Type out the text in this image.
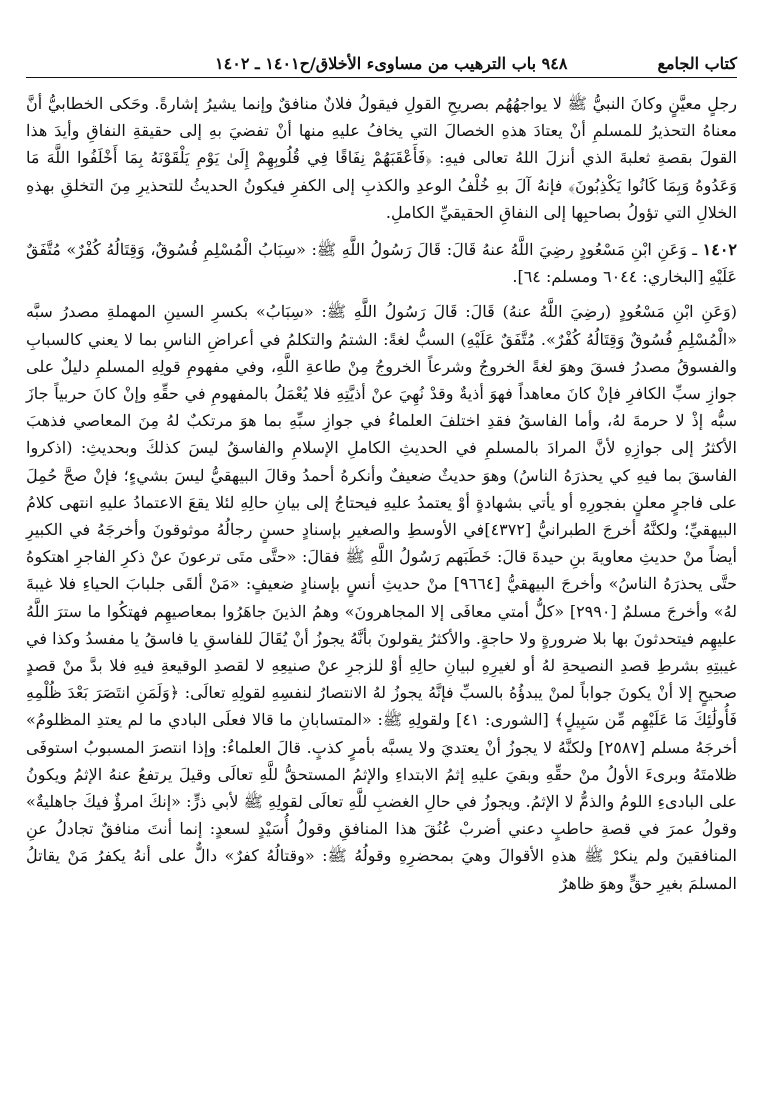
كتاب الجامع
٩٤٨ باب الترهيب من مساوىء الأخلاق/ح١٤٠١ ـ ١٤٠٢

رجلٍ معيَّنٍ وكانَ النبيُّ ﷺ لا يواجهُهُم بصريحِ القولِ فيقولُ فلانٌ منافقٌ وإنما يشيرُ إشارةً. وحَكى الخطابيُّ أنَّ معناهُ التحذيرُ للمسلمِ أنْ يعتادَ هذهِ الخصالَ التي يخافُ عليهِ منها أنْ تفضيَ بهِ إلى حقيقةِ النفاقِ وأيدَ هذا القولَ بقصةِ ثعلبةَ الذي أنزلَ اللهُ تعالى فيهِ: ﴿فَأَعْقَبَهُمْ نِفَاقًا فِي قُلُوبِهِمْ إِلَىٰ يَوْمِ يَلْقَوْنَهُ بِمَا أَخْلَفُوا اللَّهَ مَا وَعَدُوهُ وَبِمَا كَانُوا يَكْذِبُونَ﴾ فإنهُ آلَ بهِ خُلْفُ الوعدِ والكذبِ إلى الكفرِ فيكونُ الحديثُ للتحذيرِ مِنَ التخلقِ بهذهِ الخلالِ التي تؤولُ بصاحبِها إلى النفاقِ الحقيقيِّ الكاملِ.

١٤٠٢ ـ وَعَنِ ابْنِ مَسْعُودٍ رضِيَ اللَّهُ عنهُ قَالَ: قَالَ رَسُولُ اللَّهِ ﷺ: «سِبَابُ الْمُسْلِمِ فُسُوقٌ، وَقِتَالُهُ كُفْرٌ» مُتَّفَقٌ عَلَيْهِ [البخاري: ٦٠٤٤ ومسلم: ٦٤].

(وَعَنِ ابْنِ مَسْعُودٍ (رضِيَ اللَّهُ عنهُ) قَالَ: قَالَ رَسُولُ اللَّهِ ﷺ: «سِبَابُ» بكسرِ السينِ المهملةِ مصدرُ سبَّه «الْمُسْلِمِ فُسُوقٌ وَقِتَالُهُ كُفْرٌ». مُتَّفَقٌ عَلَيْهِ) السبُّ لغةً: الشتمُ والتكلمُ في أعراضِ الناسِ بما لا يعني كالسبابِ والفسوقُ مصدرُ فسقَ وهوَ لغةً الخروجُ وشرعاً الخروجُ مِنْ طاعةِ اللَّهِ، وفي مفهومِ قولِهِ المسلمِ دليلٌ على جوازِ سبِّ الكافرِ فإنْ كانَ معاهداً فهوَ أذيةٌ وقدْ نُهِيَ عنْ أذيَّتِهِ فلا يُعْمَلُ بالمفهومِ في حقِّهِ وإنْ كانَ حربياً جازَ سبُّه إذْ لا حرمةَ لهُ، وأما الفاسقُ فقدِ اختلفَ العلماءُ في جوازِ سبِّهِ بما هوَ مرتكبٌ لهُ مِنَ المعاصي فذهبَ الأكثرُ إلى جوازِهِ لأنَّ المرادَ بالمسلمِ في الحديثِ الكاملِ الإسلامِ والفاسقُ ليسَ كذلكَ وبحديثِ: (اذكروا الفاسقَ بما فيهِ كي يحذرَهُ الناسُ) وهوَ حديثٌ ضعيفٌ وأنكرهُ أحمدُ وقالَ البيهقيُّ ليسَ بشيءٍ؛ فإنْ صحَّ حُمِلَ على فاجرٍ معلنٍ بفجورِهِ أو يأتي بشهادةٍ أوْ يعتمدُ عليهِ فيحتاجُ إلى بيانِ حالِهِ لئلا يقعَ الاعتمادُ عليهِ انتهى كلامُ البيهقيِّ؛ ولكنَّهُ أخرجَ الطبرانيُّ [٤٣٧٢]في الأوسطِ والصغيرِ بإسنادٍ حسنٍ رجالُهُ موثوقونَ وأخرجَهُ في الكبيرِ أيضاً منْ حديثِ معاويةَ بنِ حيدةَ قالَ: خَطَبَهم رَسُولُ اللَّهِ ﷺ فقالَ: «حتَّى متَى ترعونَ عنْ ذكرِ الفاجرِ اهتكوهُ حتَّى يحذرَهُ الناسُ» وأخرجَ البيهقيُّ [٩٦٦٤] منْ حديثِ أنسٍ بإسنادٍ ضعيفٍ: «مَنْ ألقَى جلبابَ الحياءِ فلا غيبةَ لهُ» وأخرجَ مسلمٌ [٢٩٩٠] «كلُّ أمتي معافَى إلا المجاهرونَ» وهمُ الذينَ جاهَرُوا بمعاصيهِم فهتكُوا ما سترَ اللَّهُ عليهِم فيتحدثونَ بها بلا ضرورةٍ ولا حاجةٍ. والأكثرُ يقولونَ بأنَّهُ يجوزُ أنْ يُقَالَ للفاسقِ يا فاسقُ يا مفسدُ وكذا في غيبتِهِ بشرطِ قصدِ النصيحةِ لهُ أو لغيرِهِ لبيانِ حالِهِ أوْ للزجرِ عنْ صنيعِهِ لا لقصدِ الوقيعةِ فيهِ فلا بدَّ منْ قصدٍ صحيحٍ إلا أنْ يكونَ جواباً لمنْ يبدؤُهُ بالسبِّ فإنَّهُ يجوزُ لهُ الانتصارُ لنفسِهِ لقولِهِ تعالَى: ﴿وَلَمَنِ انتَصَرَ بَعْدَ ظُلْمِهِ فَأُولَٰئِكَ مَا عَلَيْهِم مِّن سَبِيلٍ﴾ [الشورى: ٤١] ولقولِهِ ﷺ: «المتسابانِ ما قالا فعلَى البادي ما لم يعتدِ المظلومُ» أخرجَهُ مسلم [٢٥٨٧] ولكنَّهُ لا يجوزُ أنْ يعتديَ ولا يسبَّه بأمرٍ كذبٍ. قالَ العلماءُ: وإذا انتصرَ المسبوبُ استوفَى ظلامتَهُ وبرىءَ الأولُ منْ حقِّهِ وبقيَ عليهِ إثمُ الابتداءِ والإثمُ المستحقُّ للَّهِ تعالَى وقيلَ يرتفعُ عنهُ الإثمُ ويكونُ على البادىءِ اللومُ والذمُّ لا الإثمُ. ويجوزُ في حالِ الغضبِ للَّهِ تعالَى لقولِهِ ﷺ لأبي ذرٍّ: «إنكَ امرؤٌ فيكَ جاهليةٌ» وقولُ عمرَ في قصةِ حاطبٍ دعني أضربْ عُنُقَ هذا المنافقِ وقولُ أُسَيْدٍ لسعدٍ: إنما أنتَ منافقٌ تجادلُ عنِ المنافقينَ ولم ينكرْ ﷺ هذهِ الأقوالَ وهيَ بمحضرِهِ وقولُهُ ﷺ: «وقتالُهُ كفرٌ» دالٌّ على أنهُ يكفرُ مَنْ يقاتلُ المسلمَ بغيرِ حقٍّ وهوَ ظاهرٌ
